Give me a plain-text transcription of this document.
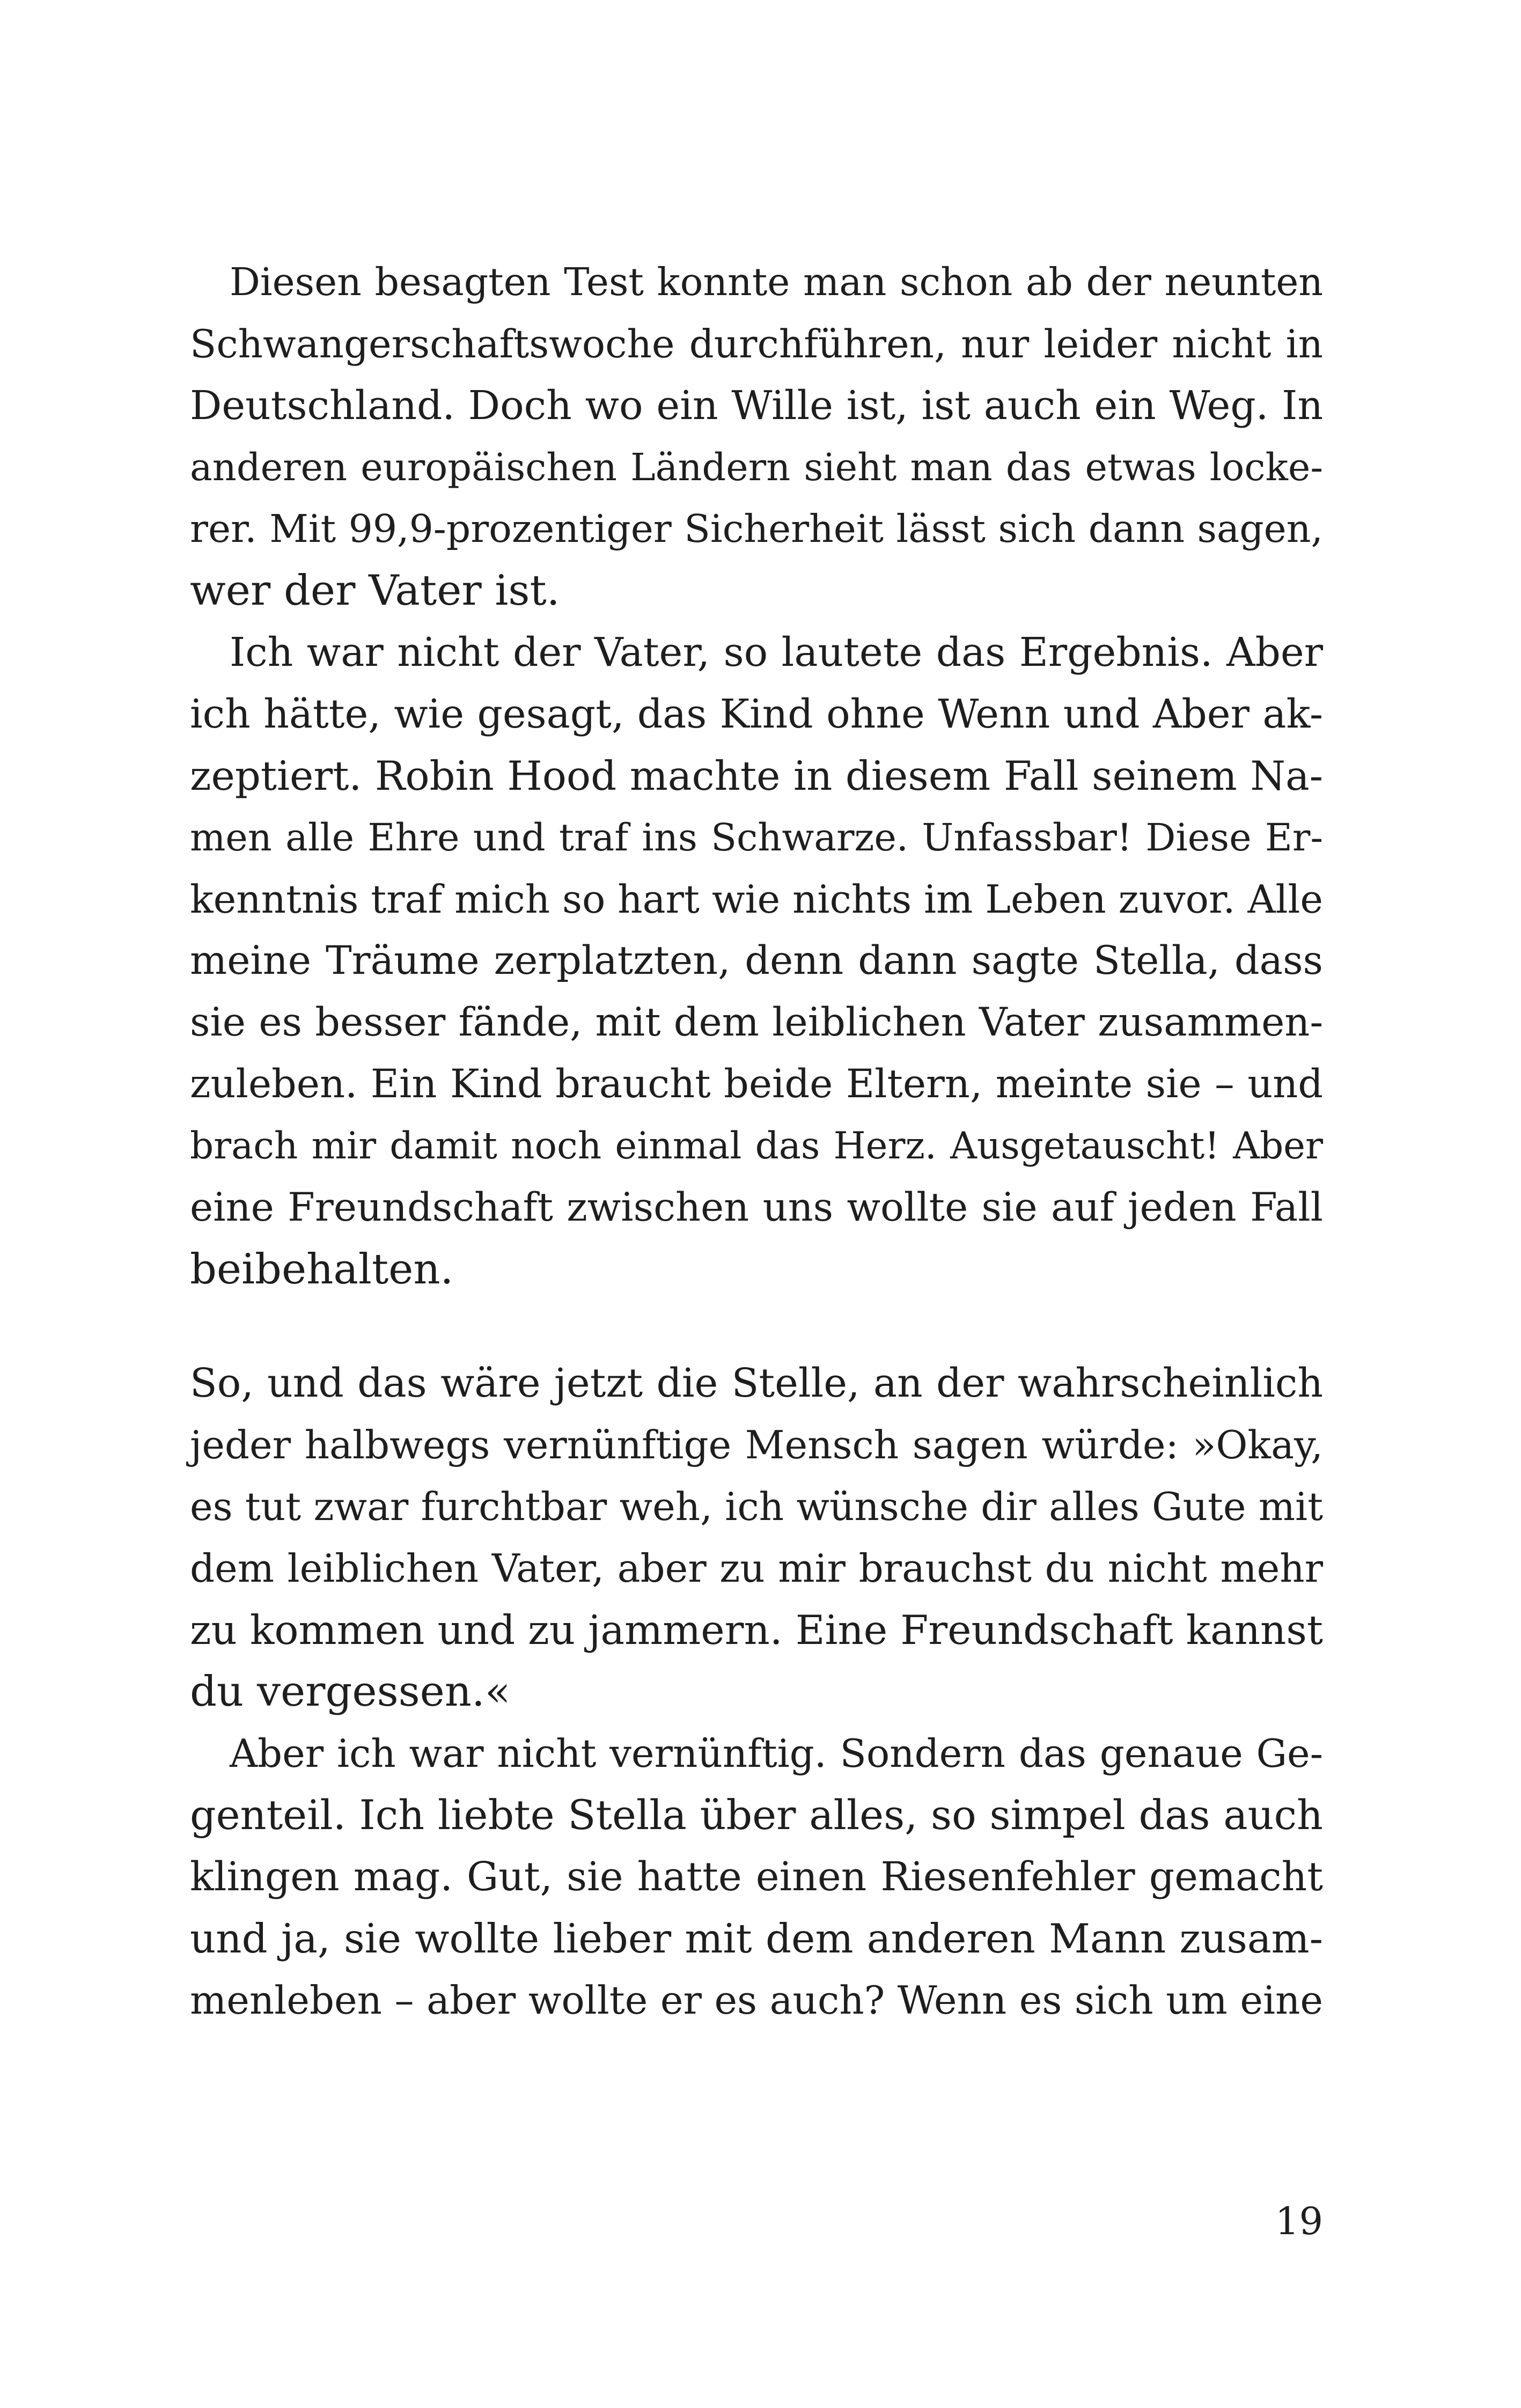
Diesen besagten Test konnte man schon ab der neunten
Schwangerschaftswoche durchführen, nur leider nicht in
Deutschland. Doch wo ein Wille ist, ist auch ein Weg. In
anderen europäischen Ländern sieht man das etwas locke-
rer. Mit 99,9-prozentiger Sicherheit lässt sich dann sagen,
wer der Vater ist.
Ich war nicht der Vater, so lautete das Ergebnis. Aber
ich hätte, wie gesagt, das Kind ohne Wenn und Aber ak-
zeptiert. Robin Hood machte in diesem Fall seinem Na-
men alle Ehre und traf ins Schwarze. Unfassbar! Diese Er-
kenntnis traf mich so hart wie nichts im Leben zuvor. Alle
meine Träume zerplatzten, denn dann sagte Stella, dass
sie es besser fände, mit dem leiblichen Vater zusammen-
zuleben. Ein Kind braucht beide Eltern, meinte sie – und
brach mir damit noch einmal das Herz. Ausgetauscht! Aber
eine Freundschaft zwischen uns wollte sie auf jeden Fall
beibehalten.
So, und das wäre jetzt die Stelle, an der wahrscheinlich
jeder halbwegs vernünftige Mensch sagen würde: »Okay,
es tut zwar furchtbar weh, ich wünsche dir alles Gute mit
dem leiblichen Vater, aber zu mir brauchst du nicht mehr
zu kommen und zu jammern. Eine Freundschaft kannst
du vergessen.«
Aber ich war nicht vernünftig. Sondern das genaue Ge-
genteil. Ich liebte Stella über alles, so simpel das auch
klingen mag. Gut, sie hatte einen Riesenfehler gemacht
und ja, sie wollte lieber mit dem anderen Mann zusam-
menleben – aber wollte er es auch? Wenn es sich um eine
19
